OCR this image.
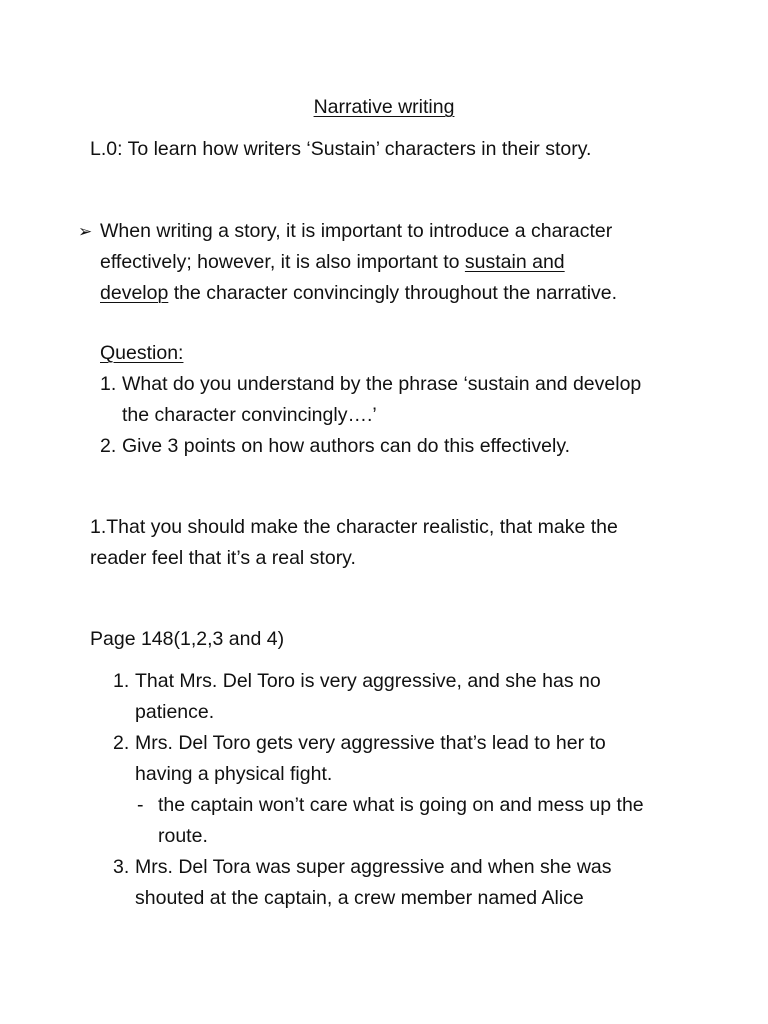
Narrative writing
L.0: To learn how writers ‘Sustain’ characters in their story.
➢ When writing a story, it is important to introduce a character
effectively; however, it is also important to sustain and
develop the character convincingly throughout the narrative.
Question:
1. What do you understand by the phrase ‘sustain and develop
the character convincingly….’
2. Give 3 points on how authors can do this effectively.
1.That you should make the character realistic, that make the
reader feel that it’s a real story.
Page 148(1,2,3 and 4)
1. That Mrs. Del Toro is very aggressive, and she has no
patience.
2. Mrs. Del Toro gets very aggressive that’s lead to her to
having a physical fight.
- the captain won’t care what is going on and mess up the
route.
3. Mrs. Del Tora was super aggressive and when she was
shouted at the captain, a crew member named Alice
